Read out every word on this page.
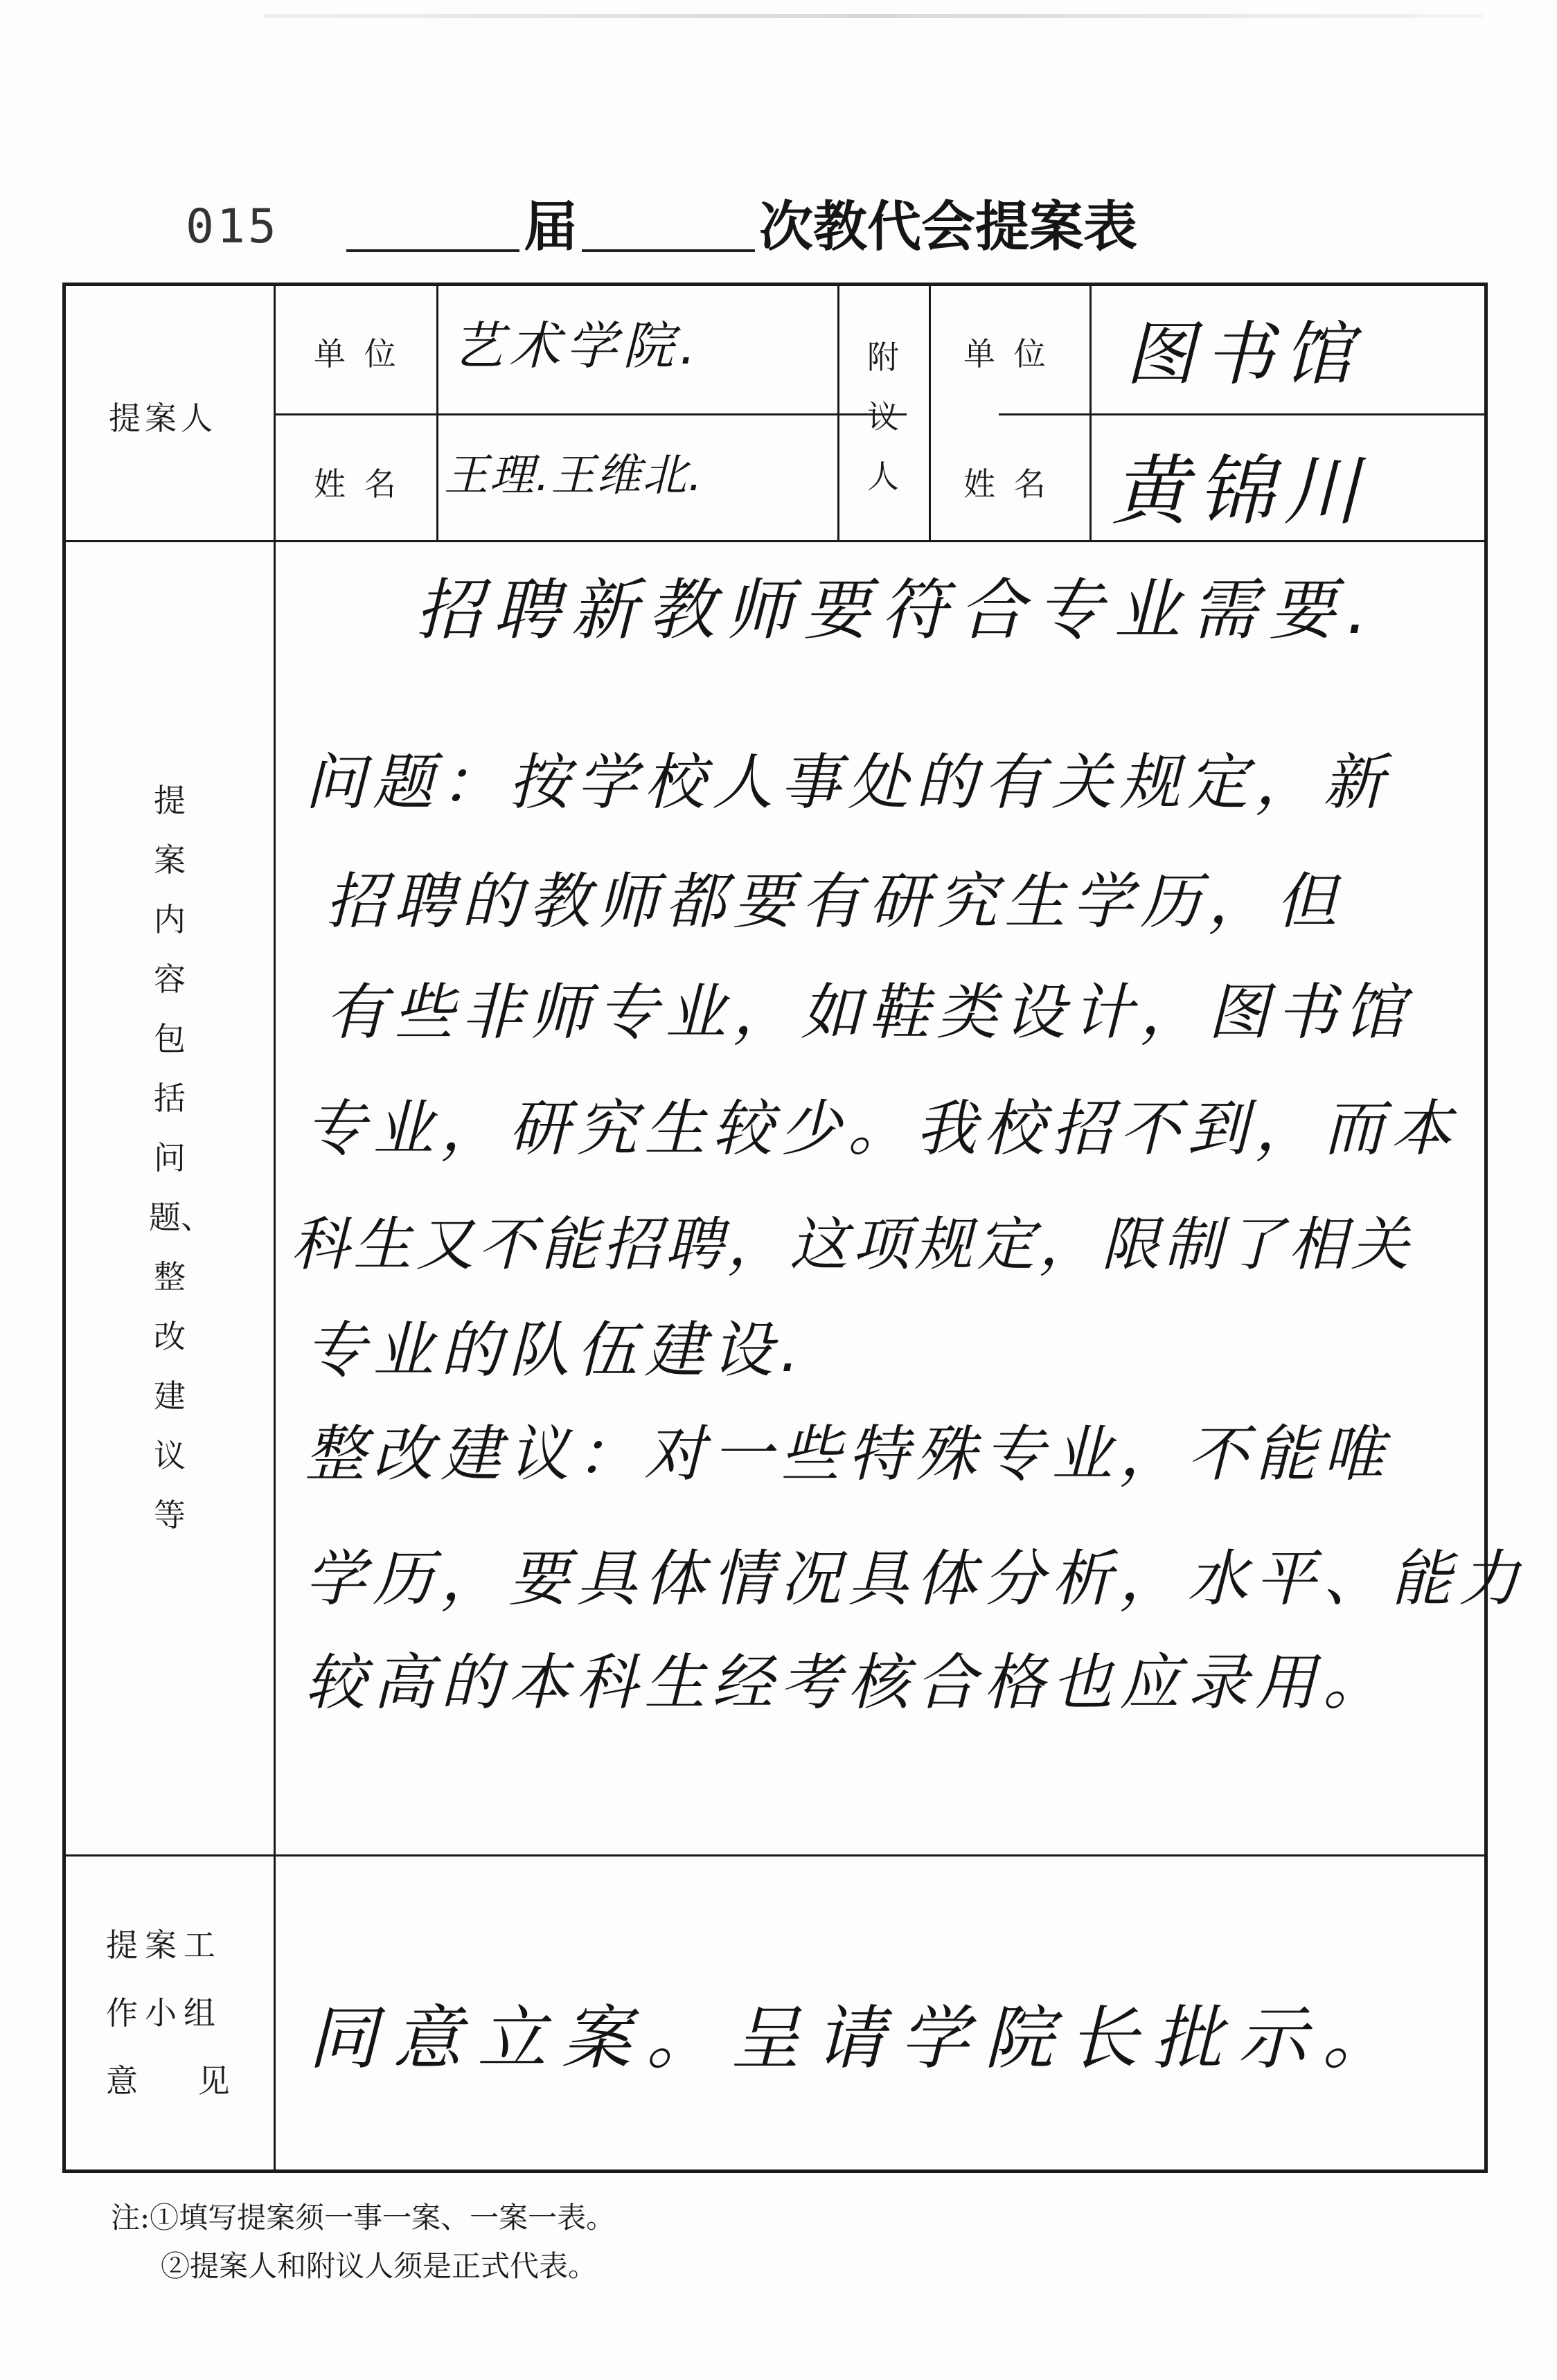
015	届	次教代会提案表
提案人
单 位
姓 名
附议人
单 位
姓 名
艺术学院.
王理.王维北.
图书馆
黄锦川
提案内容 包括问题、整改建议等
提案工
作小组
意 见
同意立案。呈请学院长批示。
招聘新教师要符合专业需要.
问题：按学校人事处的有关规定，新
招聘的教师都要有研究生学历，但
有些非师专业，如鞋类设计，图书馆
专业，研究生较少。我校招不到，而本
科生又不能招聘，这项规定，限制了相关
专业的队伍建设.
整改建议：对一些特殊专业，不能唯
学历，要具体情况具体分析，水平、能力
较高的本科生经考核合格也应录用。
注:①填写提案须一事一案、一案一表。
②提案人和附议人须是正式代表。
